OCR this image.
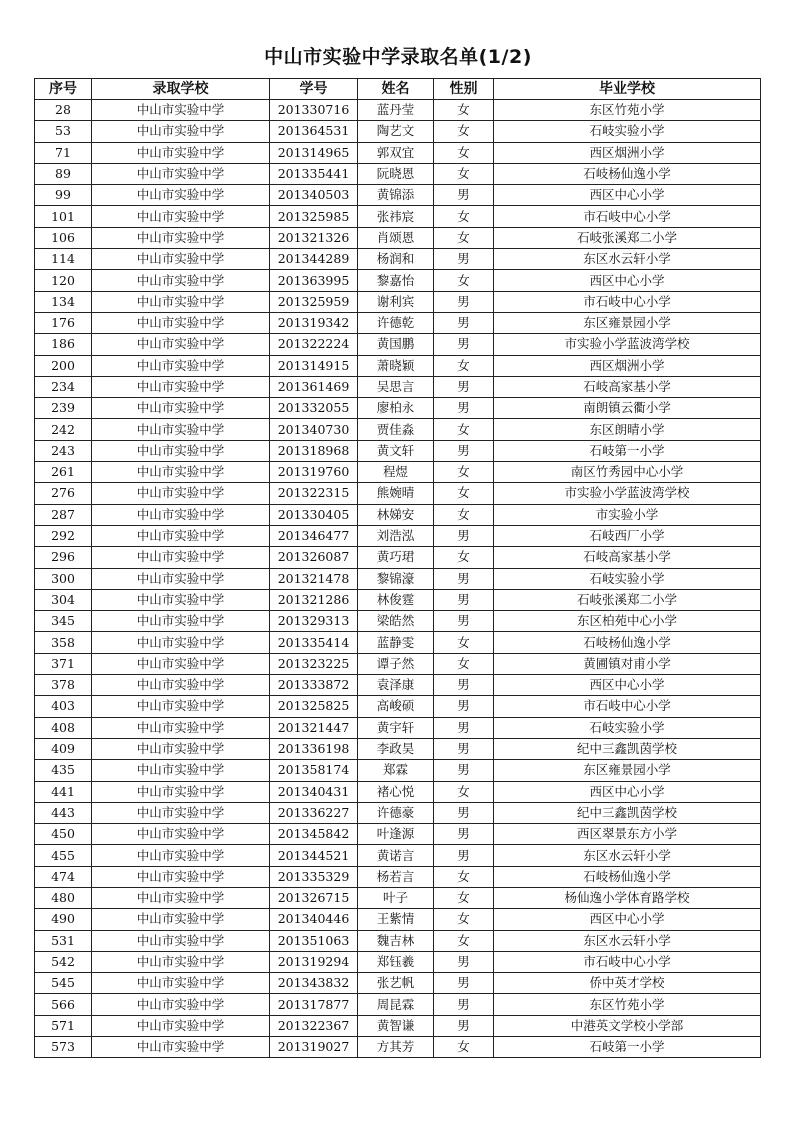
中山市实验中学录取名单(1/2)
序号	录取学校	学号	姓名	性别	毕业学校
28	中山市实验中学	201330716	蓝丹莹	女	东区竹苑小学
53	中山市实验中学	201364531	陶艺文	女	石岐实验小学
71	中山市实验中学	201314965	郭双宜	女	西区烟洲小学
89	中山市实验中学	201335441	阮晓恩	女	石岐杨仙逸小学
99	中山市实验中学	201340503	黄锦添	男	西区中心小学
101	中山市实验中学	201325985	张祎宸	女	市石岐中心小学
106	中山市实验中学	201321326	肖颂恩	女	石岐张溪郑二小学
114	中山市实验中学	201344289	杨润和	男	东区水云轩小学
120	中山市实验中学	201363995	黎嘉怡	女	西区中心小学
134	中山市实验中学	201325959	谢利宾	男	市石岐中心小学
176	中山市实验中学	201319342	许德乾	男	东区雍景园小学
186	中山市实验中学	201322224	黄国鹏	男	市实验小学蓝波湾学校
200	中山市实验中学	201314915	萧晓颖	女	西区烟洲小学
234	中山市实验中学	201361469	吴思言	男	石岐高家基小学
239	中山市实验中学	201332055	廖柏永	男	南朗镇云衢小学
242	中山市实验中学	201340730	贾佳淼	女	东区朗晴小学
243	中山市实验中学	201318968	黄文轩	男	石岐第一小学
261	中山市实验中学	201319760	程煜	女	南区竹秀园中心小学
276	中山市实验中学	201322315	熊婉晴	女	市实验小学蓝波湾学校
287	中山市实验中学	201330405	林娣安	女	市实验小学
292	中山市实验中学	201346477	刘浩泓	男	石岐西厂小学
296	中山市实验中学	201326087	黄巧珺	女	石岐高家基小学
300	中山市实验中学	201321478	黎锦濠	男	石岐实验小学
304	中山市实验中学	201321286	林俊霆	男	石岐张溪郑二小学
345	中山市实验中学	201329313	梁皓然	男	东区柏苑中心小学
358	中山市实验中学	201335414	蓝静雯	女	石岐杨仙逸小学
371	中山市实验中学	201323225	谭子然	女	黄圃镇对甫小学
378	中山市实验中学	201333872	袁泽康	男	西区中心小学
403	中山市实验中学	201325825	高峻硕	男	市石岐中心小学
408	中山市实验中学	201321447	黄宇轩	男	石岐实验小学
409	中山市实验中学	201336198	李政昊	男	纪中三鑫凯茵学校
435	中山市实验中学	201358174	郑霖	男	东区雍景园小学
441	中山市实验中学	201340431	褚心悦	女	西区中心小学
443	中山市实验中学	201336227	许德豪	男	纪中三鑫凯茵学校
450	中山市实验中学	201345842	叶逢源	男	西区翠景东方小学
455	中山市实验中学	201344521	黄诺言	男	东区水云轩小学
474	中山市实验中学	201335329	杨若言	女	石岐杨仙逸小学
480	中山市实验中学	201326715	叶子	女	杨仙逸小学体育路学校
490	中山市实验中学	201340446	王紫情	女	西区中心小学
531	中山市实验中学	201351063	魏吉林	女	东区水云轩小学
542	中山市实验中学	201319294	郑钰羲	男	市石岐中心小学
545	中山市实验中学	201343832	张艺帆	男	侨中英才学校
566	中山市实验中学	201317877	周昆霖	男	东区竹苑小学
571	中山市实验中学	201322367	黄智谦	男	中港英文学校小学部
573	中山市实验中学	201319027	方其芳	女	石岐第一小学
